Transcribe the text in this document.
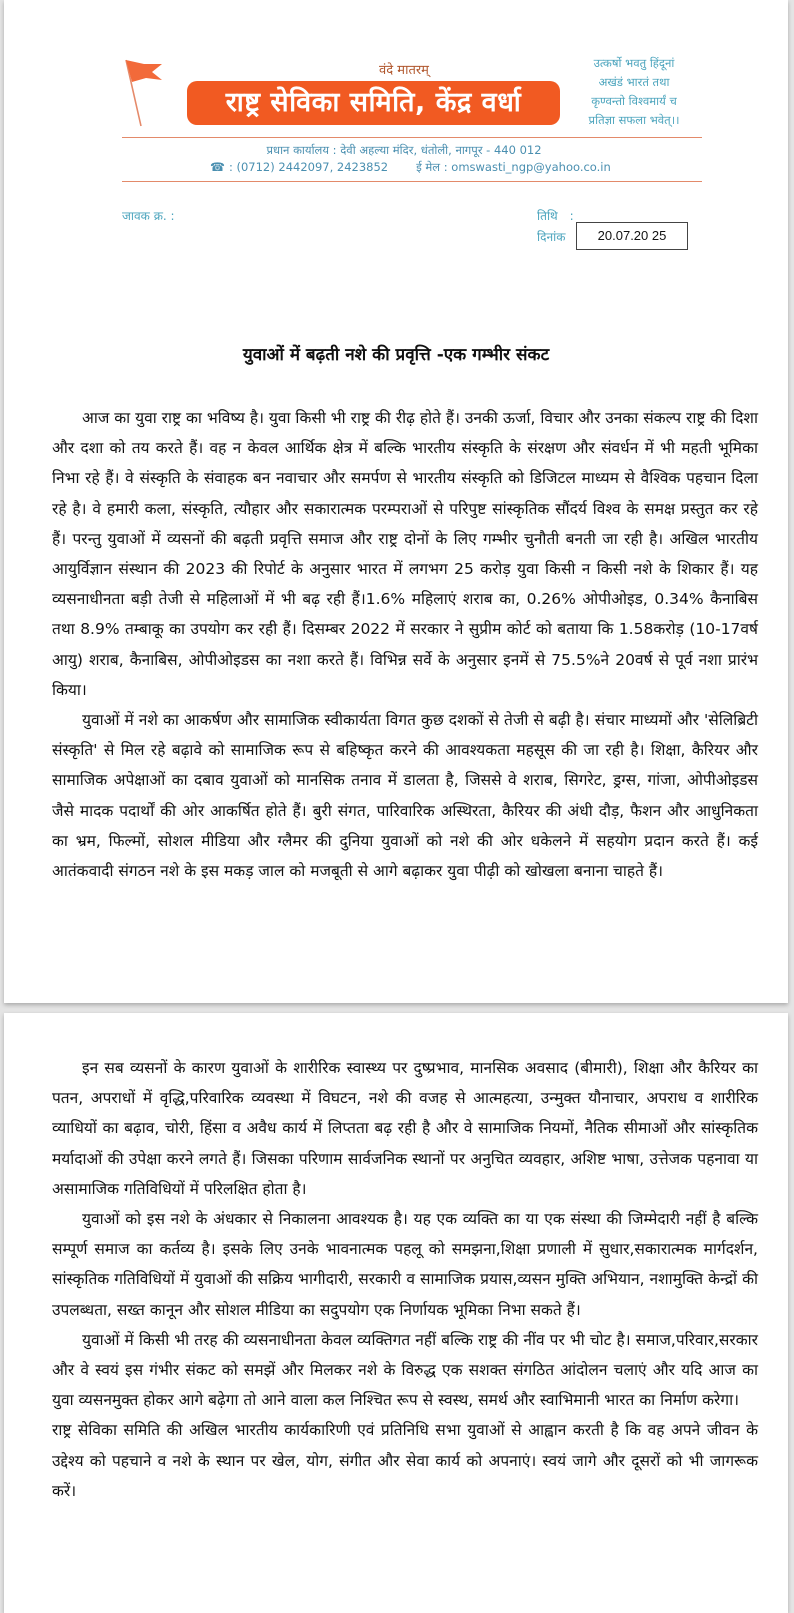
वंदे मातरम्
राष्ट्र सेविका समिति, केंद्र वर्धा
उत्कर्षो भवतु हिंदूनां
अखंडं भारतं तथा
कृण्वन्तो विश्वमार्यं च
प्रतिज्ञा सफला भवेत्।।
प्रधान कार्यालय : देवी अहल्या मंदिर, धंतोली, नागपूर - 440 012
☎ : (0712) 2442097, 2423852 ई मेल : omswasti_ngp@yahoo.co.in
जावक क्र. :	तिथि :
दिनांक	20.07.20 25
युवाओं में बढ़ती नशे की प्रवृत्ति -एक गम्भीर संकट

आज का युवा राष्ट्र का भविष्य है। युवा किसी भी राष्ट्र की रीढ़ होते हैं। उनकी ऊर्जा, विचार और उनका संकल्प राष्ट्र की दिशा और दशा को तय करते हैं। वह न केवल आर्थिक क्षेत्र में बल्कि भारतीय संस्कृति के संरक्षण और संवर्धन में भी महती भूमिका निभा रहे हैं। वे संस्कृति के संवाहक बन नवाचार और समर्पण से भारतीय संस्कृति को डिजिटल माध्यम से वैश्विक पहचान दिला रहे है। वे हमारी कला, संस्कृति, त्यौहार और सकारात्मक परम्पराओं से परिपुष्ट सांस्कृतिक सौंदर्य विश्व के समक्ष प्रस्तुत कर रहे हैं। परन्तु युवाओं में व्यसनों की बढ़ती प्रवृत्ति समाज और राष्ट्र दोनों के लिए गम्भीर चुनौती बनती जा रही है। अखिल भारतीय आयुर्विज्ञान संस्थान की 2023 की रिपोर्ट के अनुसार भारत में लगभग 25 करोड़ युवा किसी न किसी नशे के शिकार हैं। यह व्यसनाधीनता बड़ी तेजी से महिलाओं में भी बढ़ रही हैं।1.6% महिलाएं शराब का, 0.26% ओपीओइड, 0.34% कैनाबिस तथा 8.9% तम्बाकू का उपयोग कर रही हैं। दिसम्बर 2022 में सरकार ने सुप्रीम कोर्ट को बताया कि 1.58करोड़ (10-17वर्ष आयु) शराब, कैनाबिस, ओपीओइडस का नशा करते हैं। विभिन्न सर्वे के अनुसार इनमें से 75.5%ने 20वर्ष से पूर्व नशा प्रारंभ किया।

युवाओं में नशे का आकर्षण और सामाजिक स्वीकार्यता विगत कुछ दशकों से तेजी से बढ़ी है। संचार माध्यमों और 'सेलिब्रिटी संस्कृति' से मिल रहे बढ़ावे को सामाजिक रूप से बहिष्कृत करने की आवश्यकता महसूस की जा रही है। शिक्षा, कैरियर और सामाजिक अपेक्षाओं का दबाव युवाओं को मानसिक तनाव में डालता है, जिससे वे शराब, सिगरेट, ड्रग्स, गांजा, ओपीओइडस जैसे मादक पदार्थों की ओर आकर्षित होते हैं। बुरी संगत, पारिवारिक अस्थिरता, कैरियर की अंधी दौड़, फैशन और आधुनिकता का भ्रम, फिल्मों, सोशल मीडिया और ग्लैमर की दुनिया युवाओं को नशे की ओर धकेलने में सहयोग प्रदान करते हैं। कई आतंकवादी संगठन नशे के इस मकड़ जाल को मजबूती से आगे बढ़ाकर युवा पीढ़ी को खोखला बनाना चाहते हैं।

इन सब व्यसनों के कारण युवाओं के शारीरिक स्वास्थ्य पर दुष्प्रभाव, मानसिक अवसाद (बीमारी), शिक्षा और कैरियर का पतन, अपराधों में वृद्धि,परिवारिक व्यवस्था में विघटन, नशे की वजह से आत्महत्या, उन्मुक्त यौनाचार, अपराध व शारीरिक व्याधियों का बढ़ाव, चोरी, हिंसा व अवैध कार्य में लिप्तता बढ़ रही है और वे सामाजिक नियमों, नैतिक सीमाओं और सांस्कृतिक मर्यादाओं की उपेक्षा करने लगते हैं। जिसका परिणाम सार्वजनिक स्थानों पर अनुचित व्यवहार, अशिष्ट भाषा, उत्तेजक पहनावा या असामाजिक गतिविधियों में परिलक्षित होता है।

युवाओं को इस नशे के अंधकार से निकालना आवश्यक है। यह एक व्यक्ति का या एक संस्था की जिम्मेदारी नहीं है बल्कि सम्पूर्ण समाज का कर्तव्य है। इसके लिए उनके भावनात्मक पहलू को समझना,शिक्षा प्रणाली में सुधार,सकारात्मक मार्गदर्शन, सांस्कृतिक गतिविधियों में युवाओं की सक्रिय भागीदारी, सरकारी व सामाजिक प्रयास,व्यसन मुक्ति अभियान, नशामुक्ति केन्द्रों की उपलब्धता, सख्त कानून और सोशल मीडिया का सदुपयोग एक निर्णायक भूमिका निभा सकते हैं।

युवाओं में किसी भी तरह की व्यसनाधीनता केवल व्यक्तिगत नहीं बल्कि राष्ट्र की नींव पर भी चोट है। समाज,परिवार,सरकार और वे स्वयं इस गंभीर संकट को समझें और मिलकर नशे के विरुद्ध एक सशक्त संगठित आंदोलन चलाएं और यदि आज का युवा व्यसनमुक्त होकर आगे बढ़ेगा तो आने वाला कल निश्चित रूप से स्वस्थ, समर्थ और स्वाभिमानी भारत का निर्माण करेगा।

राष्ट्र सेविका समिति की अखिल भारतीय कार्यकारिणी एवं प्रतिनिधि सभा युवाओं से आह्वान करती है कि वह अपने जीवन के उद्देश्य को पहचाने व नशे के स्थान पर खेल, योग, संगीत और सेवा कार्य को अपनाएं। स्वयं जागे और दूसरों को भी जागरूक करें।
